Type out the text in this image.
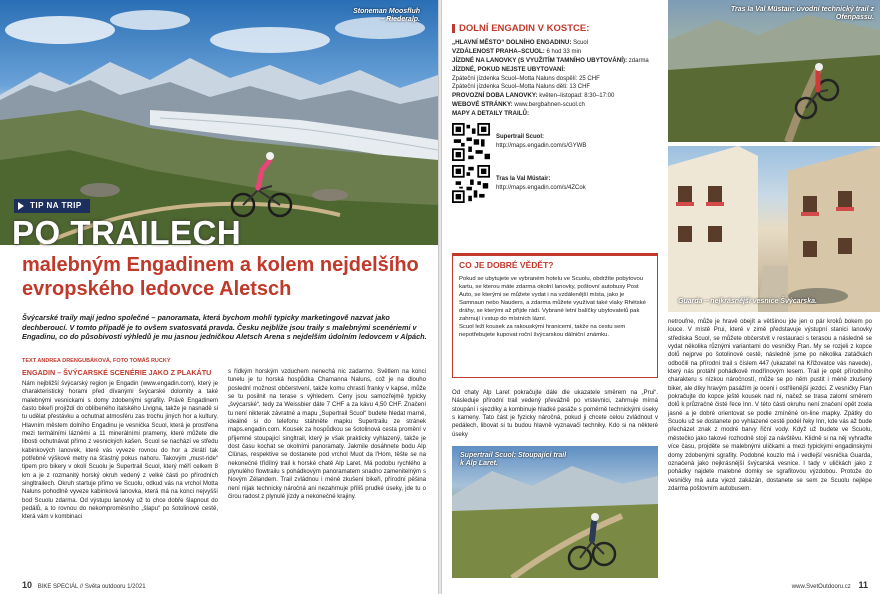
Stoneman Moosfluh
– Riederalp.
TIP NA TRIP
PO TRAILECH
malebným Engadinem a kolem nejdelšího evropského ledovce Aletsch
Švýcarské traily mají jedno společné – panoramata, která bychom mohli typicky marketingově nazvat jako dechberoucí. V tomto případě je to ovšem svatosvatá pravda. Česku nejblíže jsou traily s malebnými scenériemi v Engadinu, co do působivosti výhledů je mu jasnou jedničkou Aletsch Arena s nejdelším údolním ledovcem v Alpách.
TEXT ANDREA DRENGUBÁKOVÁ, FOTO TOMÁŠ RUCKÝ
ENGADIN – ŠVÝCARSKÉ SCENÉRIE JAKO Z PLAKÁTU

Nám nejbližší švýcarský region je Engadin (www.engadin.com), který je charakteristický horami před dívanými švýcarské dolomity a také malebnými vesnickami s domy zdobenými sgrafity. Právě Engadinem často bikeři projíždí do oblíbeného italského Livigna, takže je nasnadě si tu udělat přestávku a ochutnat atmosféru zas trochu jiných hor a kultury. Hlavním městem dolního Engadinu je vesnička Scuol, která je prostřena mezi termálními lázněmi a 11 minerálními prameny, které můžete dle libosti ochutnávat přímo z vesnických kašen. Scuol se nachází ve středu kabinkových lanovek, které vás vyveze rovnou do hor a zkrátí tak potřebné výškové metry na šťastný pokus nahoru. Takovým „must-ride“ tipem pro bikery v okolí Scuolu je Supertrail Scuol, který měří celkem 8 km a je z rozmanitý horský okruh vedený z velké části po přírodních singltrailech. Okruh startuje přímo ve Scuolu, odkud vás na vrchol Motta Naluns pohodlně vyveze kabinková lanovka, která má na konci nejvyšší bod Scuolu zdarma. Od výstupu lanovky už to chce dobře šlapnout do pedálů, a to rovnou do nekomproměsního „šlapu“ po šotolinové cestě, která vám v kombinaci

s řídkým horským vzduchem nenechá nic zadarmo. Světlem na konci tunelu je tu horská hospůdka Chamanna Naluns, což je na dlouho poslední možnost občerstvení, takže komu chrastí franky v kapse, může se tu posilnit na terase s výhledem. Ceny jsou samozřejmě typicky „švýcarské“, tedy za Weissbier dáte 7 CHF a za kávu 4,50 CHF. Značení tu není nikterak závratné a mapu „Supertrail Scuol“ budete hledat marně, ideálně si do telefonu stáhněte mapku Supertrailu ze stránek maps.engadin.com. Kousek za hospůdkou se šotolinová cesta promění v příjemné stoupající singltrail, který je však prakticky vyhlazený, takže je dost času kochat se okolními panoramaty. Jakmile dosáhnete bodu Alp Clünas, respektive se dostanete pod vrchol Muot da l'Hom, těšte se na nekonečné třídílný trail k horské chatě Alp Laret. Má podobu rychlého a plynulého flowtrailu s pohádkovým panoramatem snadno zamenitelným s Novým Zélandem. Trail zvládnou i méně zkušení bikeři, přírodní pěšina není nijak technicky náročná ani nezahrnuje příliš prudké úseky, jde tu o čirou radost z plynulé jízdy a nekonečné krajiny.

10 BIKE SPECIÁL // Světa outdooru 1/2021
DOLNÍ ENGADIN V KOSTCE:
„HLAVNÍ MĚSTO“ DOLNÍHO ENGADINU: Scuol
VZDÁLENOST PRAHA–SCUOL: 6 hod 33 min
JÍZDNÉ NA LANOVKY (S VYUŽITÍM TAMNÍHO UBYTOVÁNÍ): zdarma
JÍZDNÉ, POKUD NEJSTE UBYTOVANÍ:
Zpáteční jízdenka Scuol–Motta Naluns dospělí: 25 CHF
Zpáteční jízdenka Scuol–Motta Naluns děti: 13 CHF
PROVOZNÍ DOBA LANOVKY: květen–listopad: 8:30–17:00
WEBOVÉ STRÁNKY: www.bergbahnen-scuol.ch
MAPY A DETAILY TRAILŮ:
Supertrail Scuol:
http://maps.engadin.com/s/GYWB
Tras la Val Müstair:
http://maps.engadin.com/s/4ZCok
CO JE DOBRÉ VĚDĚT?

Pokud se ubytujete ve vybraném hotelu ve Scuolu, obdržíte pobytovou kartu, se kterou máte zdarma okolní lanovky, poštovní autobusy Post Auto, se kterými se můžete vydat i na vzdálenější místa, jako je Samnaun nebo Nauders, a zdarma můžete využívat také vlaky Rhétské dráhy, se kterými až přijde rádi. Vybrané letní balíčky ubytovatelů pak zahrnují i vstup do místních lázní.

Scuol leží kousek za rakouskými hranicemi, takže na cestu sem nepotřebujete kupovat roční švýcarskou dálniční známku.

Tras la Val Müstair: úvodní technický trail z Ofenpassu.
Guarda – nejkrásnější vesnice Švýcarska.

Od chaty Alp Laret pokračujte dále dle ukazatele směrem na „Prui“. Následuje přírodní trail vedený převážně po vrstevnici, zahrnuje mírná stoupání i sjezdíky a kombinuje hladké pasáže s poměrně technickými úseky s kameny. Tato část je fyzicky náročná, pokud ji chcete celou zvládnout v pedálech, libovat si tu budou hlavně vyznavači techniky. Kdo si na některé úseky

Supertrail Scuol: Stoupající trail k Alp Laret.

netroufne, může je hravě obejít a většinou jde jen o pár kroků bokem po louce. V místě Prui, které v zimě představuje výstupní stanici lanovky střediska Scuol, se můžete občerstvit v restauraci s terasou a následně se vydat několika různými variantami do vesničky Ftan. My se rozjeli z kopce dolů nejprve po šotolinové cestě, následně jsme po několika zatáčkách odbočili na přírodní trail s číslem 447 (ukazatel na Křižovatce vás navede), který nás protáhl pohádkově modřínovým lesem. Trail je opět přírodního charakteru s nízkou náročností, může se po něm pustit i méně zkušený biker, ale díky hravým pasážím je oceni i ostřílenější jezdci. Z vesničky Ftan pokračujte do kopce ještě kousek nad ní, načež se trasa zalomí směrem dolů k průzračné čisté řece Inn. V této části okruhu není značení opět zcela jasné a je dobré orientovat se podle zmíněné on-line mapky. Zpátky do Scuolu už se dostanete po vyhlazené cestě podél řeky Inn, kde vás až bude přecházet znak z modré barvy řiční vody. Když už budete ve Scuolu, městečko jako takové rozhodně stojí za návštěvu. Klidně si na něj vyhraďte více času, projděte se malebnými uličkami a mezi typickými engadinskými domy zdobenými sgrafity. Podobné kouzlo má i vedlejší vesnička Guarda, označená jako nejkrásnější švýcarská vesnice. I tady v uličkách jako z pohádky najdete malebné domky se sgrafitovou výzdobou. Protože do vesničky má auta vjezd zakázán, dostanete se sem ze Scuolu nejlépe zdarma poštovním autobusem.

www.SvetOutdooru.cz 11
